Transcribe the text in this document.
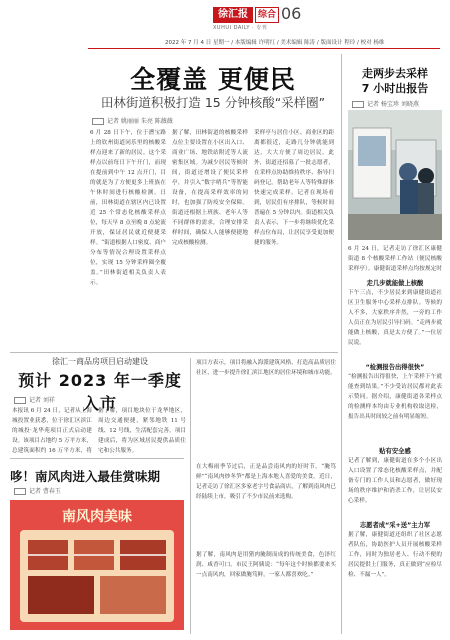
徐汇报	综合 06
XUHUI DAILY · 专刊
2022 年 7 月 4 日 星期一 / 本版编辑 许明红 / 美术编辑 陈涛 / 版面设计 程玲 / 校对 杨维
全覆盖 更便民
田林街道积极打造 15 分钟核酸“采样圈”
记者 姚丽丽 朱亮 陈薇薇
6 月 28 日下午，位于漕宝路上的钦州街道同乐里的核酸采样点迎来了新的居民。这个采样点以前每日下午开门，而现在提前到中午 12 点开门，目的就是为了方便更多上班族在午休时间进行核酸检测。日前，田林街道在辖区内已设置近 25 个常态化核酸采样点位，每天早 8 点至晚 8 点轮流开放，保证居民就近便捷采样。“街道根据人口密度、商户分布等情况合理设置采样点位，实现 15 分钟采样圈全覆盖。”田林街道相关负责人表示。
据了解，田林街道的核酸采样点位主要设置在小区出入口、商业广场、地铁站附近等人流密集区域。为减少居民等候时间，街道还增设了便民采样亭，并引入“数字哨兵”等智能设备，在提高采样效率的同时，也加强了防疫安全保障。街道还根据上班族、老年人等不同群体的需求，合理安排采样时间，确保人人能够便捷地完成核酸检测。
采样亭与居住小区、商业区的距离都很近，走路几分钟就能到达，大大方便了周边居民。此外，街道还招募了一批志愿者，在采样点协助维持秩序、指导扫码登记，帮助老年人等特殊群体快速完成采样。记者在现场看到，居民们有序排队，等候时间普遍在 5 分钟以内。街道相关负责人表示，下一步将继续优化采样点位布局，让居民享受更加便捷的服务。
走两步去采样
7 小时出报告
记者 杨宝珍 刘晓燕
6 月 24 日，记者走访了徐汇区康健街道 8 个核酸采样工作站（便民核酸采样亭）。康健街道采样点均按规定时
走几步就能做上核酸
下午三点，不少居民来到康健街道社区卫生服务中心采样点排队。等候的人不多，大家秩序井然，一旁的工作人员正在为居民引导扫码。“走两步就能做上核酸，真是太方便了。”一位居民说。
“检测报告出得很快”
“检测报告出得很快，上午采样下午就能查到结果。”不少受访居民都对此表示赞同。据介绍，康健街道各采样点的检测样本均由专业机构收取送检，报告出具时间较之前有明显缩短。
贴有安全感
记者了解到，康健街道在多个小区出入口设置了常态化核酸采样点，并配备专门的工作人员和志愿者，做好现场的秩序维护和消杀工作，让居民安心采样。
志愿者成“采+送”主力军
据了解，康健街道还组织了社区志愿者队伍，协助医护人员开展核酸采样工作，同时为独居老人、行动不便的居民提供上门服务，真正做到“应检尽检、不漏一人”。
徐汇一商品房项目启动建设
预计 2023 年一季度入市
记者 刘祥
本报讯 6 月 24 日，记者从上海城投置业获悉，位于徐汇区滨江的城投·龙华苑项目正式启动建设。该项目占地约 5 万平方米，总建筑面积约 16 万平方米，将
据了解，项目地块位于龙华地区，周边交通便捷，紧邻地铁 11 号线、12 号线，生活配套完善。项目建成后，将为区域居民提供品质住宅和公共服务。
项目方表示，项目将融入海派建筑风格，打造高品质居住社区，进一步提升徐汇滨江地区的居住环境和城市功能。
哆！南风肉进入最佳赏味期
记者 曹春玉
南风肉美味
在大梅雨季节过后，正是品尝南风肉的好时节。“腌笃鲜”“南风肉炒冬笋”都是上海本地人喜爱的美食。近日，记者走访了徐汇区多家老字号食品商店，了解到南风肉已经陆续上市，吸引了不少市民前来选购。
据了解，南风肉是用猪肉腌制而成的传统美食，色泽红润、咸香可口。市民王阿姨说：“每年这个时候都要来买一点南风肉，回家做腌笃鲜，一家人都喜欢吃。”
